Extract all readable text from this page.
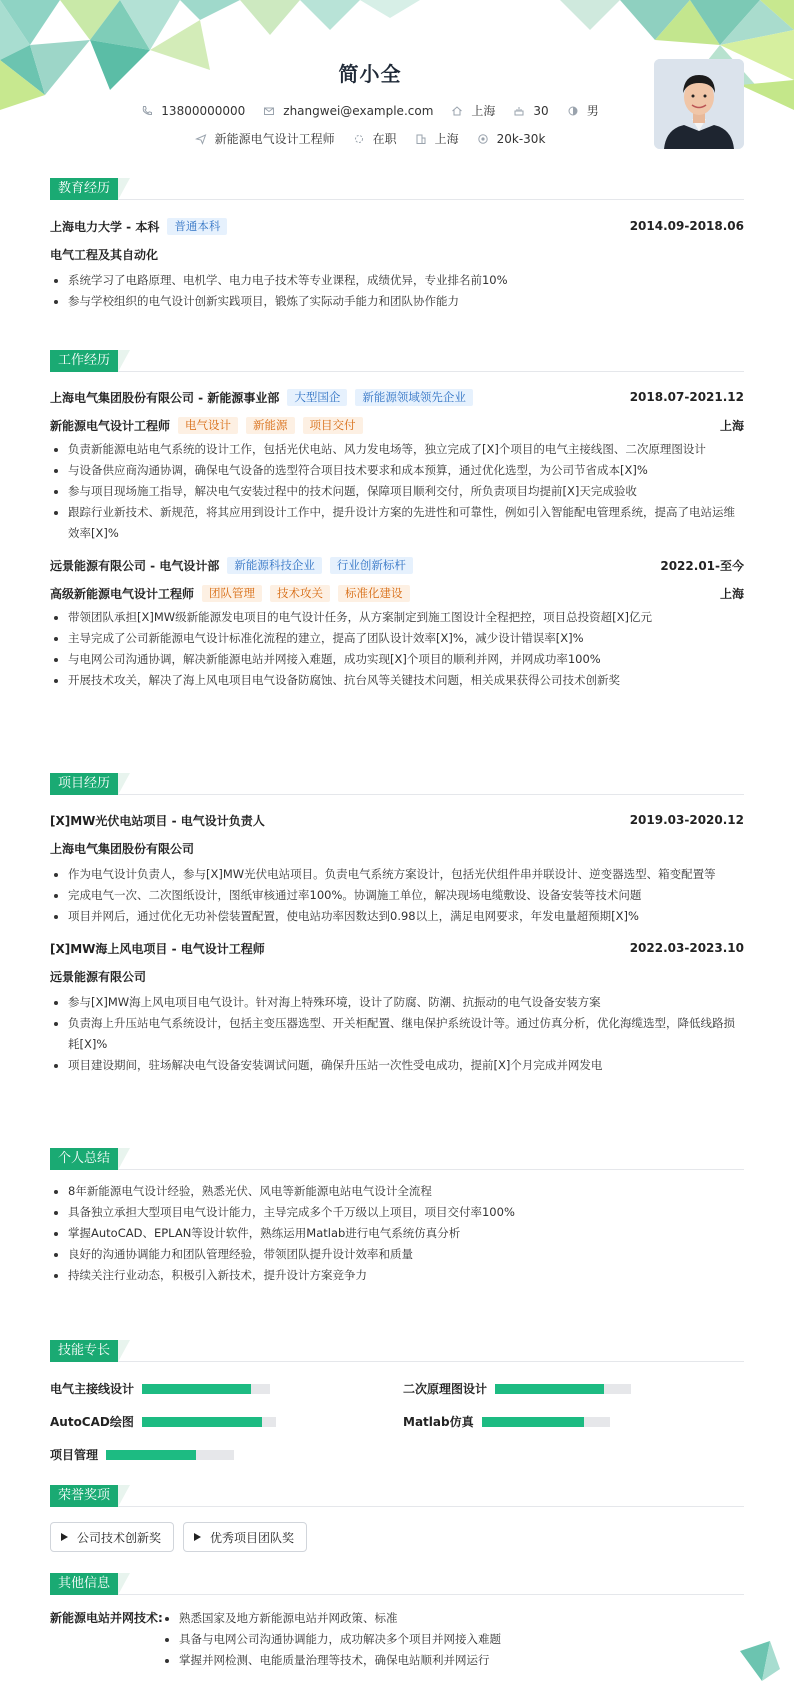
简小全
13800000000	zhangwei@example.com	上海	30	男
新能源电气设计工程师	在职	上海	20k-30k
教育经历
上海电力大学 - 本科	普通本科	2014.09-2018.06
电气工程及其自动化
系统学习了电路原理、电机学、电力电子技术等专业课程，成绩优异，专业排名前10%
参与学校组织的电气设计创新实践项目，锻炼了实际动手能力和团队协作能力
工作经历
上海电气集团股份有限公司 - 新能源事业部	大型国企	新能源领域领先企业	2018.07-2021.12
新能源电气设计工程师	电气设计	新能源	项目交付	上海
负责新能源电站电气系统的设计工作，包括光伏电站、风力发电场等，独立完成了[X]个项目的电气主接线图、二次原理图设计
与设备供应商沟通协调，确保电气设备的选型符合项目技术要求和成本预算，通过优化选型，为公司节省成本[X]%
参与项目现场施工指导，解决电气安装过程中的技术问题，保障项目顺利交付，所负责项目均提前[X]天完成验收
跟踪行业新技术、新规范，将其应用到设计工作中，提升设计方案的先进性和可靠性，例如引入智能配电管理系统，提高了电站运维效率[X]%
远景能源有限公司 - 电气设计部	新能源科技企业	行业创新标杆	2022.01-至今
高级新能源电气设计工程师	团队管理	技术攻关	标准化建设	上海
带领团队承担[X]MW级新能源发电项目的电气设计任务，从方案制定到施工图设计全程把控，项目总投资超[X]亿元
主导完成了公司新能源电气设计标准化流程的建立，提高了团队设计效率[X]%，减少设计错误率[X]%
与电网公司沟通协调，解决新能源电站并网接入难题，成功实现[X]个项目的顺利并网，并网成功率100%
开展技术攻关，解决了海上风电项目电气设备防腐蚀、抗台风等关键技术问题，相关成果获得公司技术创新奖
项目经历
[X]MW光伏电站项目 - 电气设计负责人	2019.03-2020.12
上海电气集团股份有限公司
作为电气设计负责人，参与[X]MW光伏电站项目。负责电气系统方案设计，包括光伏组件串并联设计、逆变器选型、箱变配置等
完成电气一次、二次图纸设计，图纸审核通过率100%。协调施工单位，解决现场电缆敷设、设备安装等技术问题
项目并网后，通过优化无功补偿装置配置，使电站功率因数达到0.98以上，满足电网要求，年发电量超预期[X]%
[X]MW海上风电项目 - 电气设计工程师	2022.03-2023.10
远景能源有限公司
参与[X]MW海上风电项目电气设计。针对海上特殊环境，设计了防腐、防潮、抗振动的电气设备安装方案
负责海上升压站电气系统设计，包括主变压器选型、开关柜配置、继电保护系统设计等。通过仿真分析，优化海缆选型，降低线路损耗[X]%
项目建设期间，驻场解决电气设备安装调试问题，确保升压站一次性受电成功，提前[X]个月完成并网发电
个人总结
8年新能源电气设计经验，熟悉光伏、风电等新能源电站电气设计全流程
具备独立承担大型项目电气设计能力，主导完成多个千万级以上项目，项目交付率100%
掌握AutoCAD、EPLAN等设计软件，熟练运用Matlab进行电气系统仿真分析
良好的沟通协调能力和团队管理经验，带领团队提升设计效率和质量
持续关注行业动态，积极引入新技术，提升设计方案竞争力
技能专长
电气主接线设计	二次原理图设计
AutoCAD绘图	Matlab仿真
项目管理
荣誉奖项
公司技术创新奖	优秀项目团队奖
其他信息
新能源电站并网技术:	熟悉国家及地方新能源电站并网政策、标准
具备与电网公司沟通协调能力，成功解决多个项目并网接入难题
掌握并网检测、电能质量治理等技术，确保电站顺利并网运行
